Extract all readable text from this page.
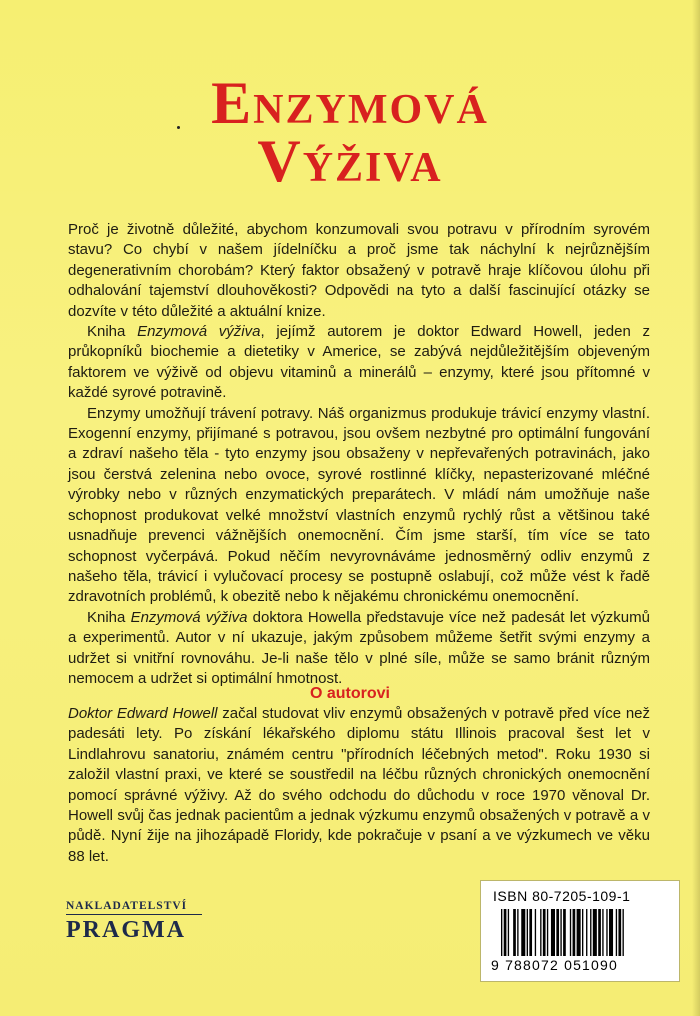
Enzymová
Výživa

Proč je životně důležité, abychom konzumovali svou potravu v přírodním syrovém stavu? Co chybí v našem jídelníčku a proč jsme tak náchylní k nejrůznějším degenerativním chorobám? Který faktor obsažený v potravě hraje klíčovou úlohu při odhalování tajemství dlouhověkosti? Odpovědi na tyto a další fascinující otázky se dozvíte v této důležité a aktuální knize.

Kniha Enzymová výživa, jejímž autorem je doktor Edward Howell, jeden z průkopníků biochemie a dietetiky v Americe, se zabývá nejdůležitějším objeveným faktorem ve výživě od objevu vitaminů a minerálů – enzymy, které jsou přítomné v každé syrové potravině.

Enzymy umožňují trávení potravy. Náš organizmus produkuje trávicí enzymy vlastní. Exogenní enzymy, přijímané s potravou, jsou ovšem nezbytné pro optimální fungování a zdraví našeho těla - tyto enzymy jsou obsaženy v nepřevařených potravinách, jako jsou čerstvá zelenina nebo ovoce, syrové rostlinné klíčky, nepasterizované mléčné výrobky nebo v různých enzymatických preparátech. V mládí nám umožňuje naše schopnost produkovat velké množství vlastních enzymů rychlý růst a většinou také usnadňuje prevenci vážnějších onemocnění. Čím jsme starší, tím více se tato schopnost vyčerpává. Pokud něčím nevyrovnáváme jednosměrný odliv enzymů z našeho těla, trávicí i vylučovací procesy se postupně oslabují, což může vést k řadě zdravotních problémů, k obezitě nebo k nějakému chronickému onemocnění.

Kniha Enzymová výživa doktora Howella představuje více než padesát let výzkumů a experimentů. Autor v ní ukazuje, jakým způsobem můžeme šetřit svými enzymy a udržet si vnitřní rovnováhu. Je-li naše tělo v plné síle, může se samo bránit různým nemocem a udržet si optimální hmotnost.

O autorovi

Doktor Edward Howell začal studovat vliv enzymů obsažených v potravě před více než padesáti lety. Po získání lékařského diplomu státu Illinois pracoval šest let v Lindlahrovu sanatoriu, známém centru "přírodních léčebných metod". Roku 1930 si založil vlastní praxi, ve které se soustředil na léčbu různých chronických onemocnění pomocí správné výživy. Až do svého odchodu do důchodu v roce 1970 věnoval Dr. Howell svůj čas jednak pacientům a jednak výzkumu enzymů obsažených v potravě a v půdě. Nyní žije na jihozápadě Floridy, kde pokračuje v psaní a ve výzkumech ve věku 88 let.

NAKLADATELSTVÍ
PRAGMA
ISBN 80-7205-109-1
9 788072 051090
